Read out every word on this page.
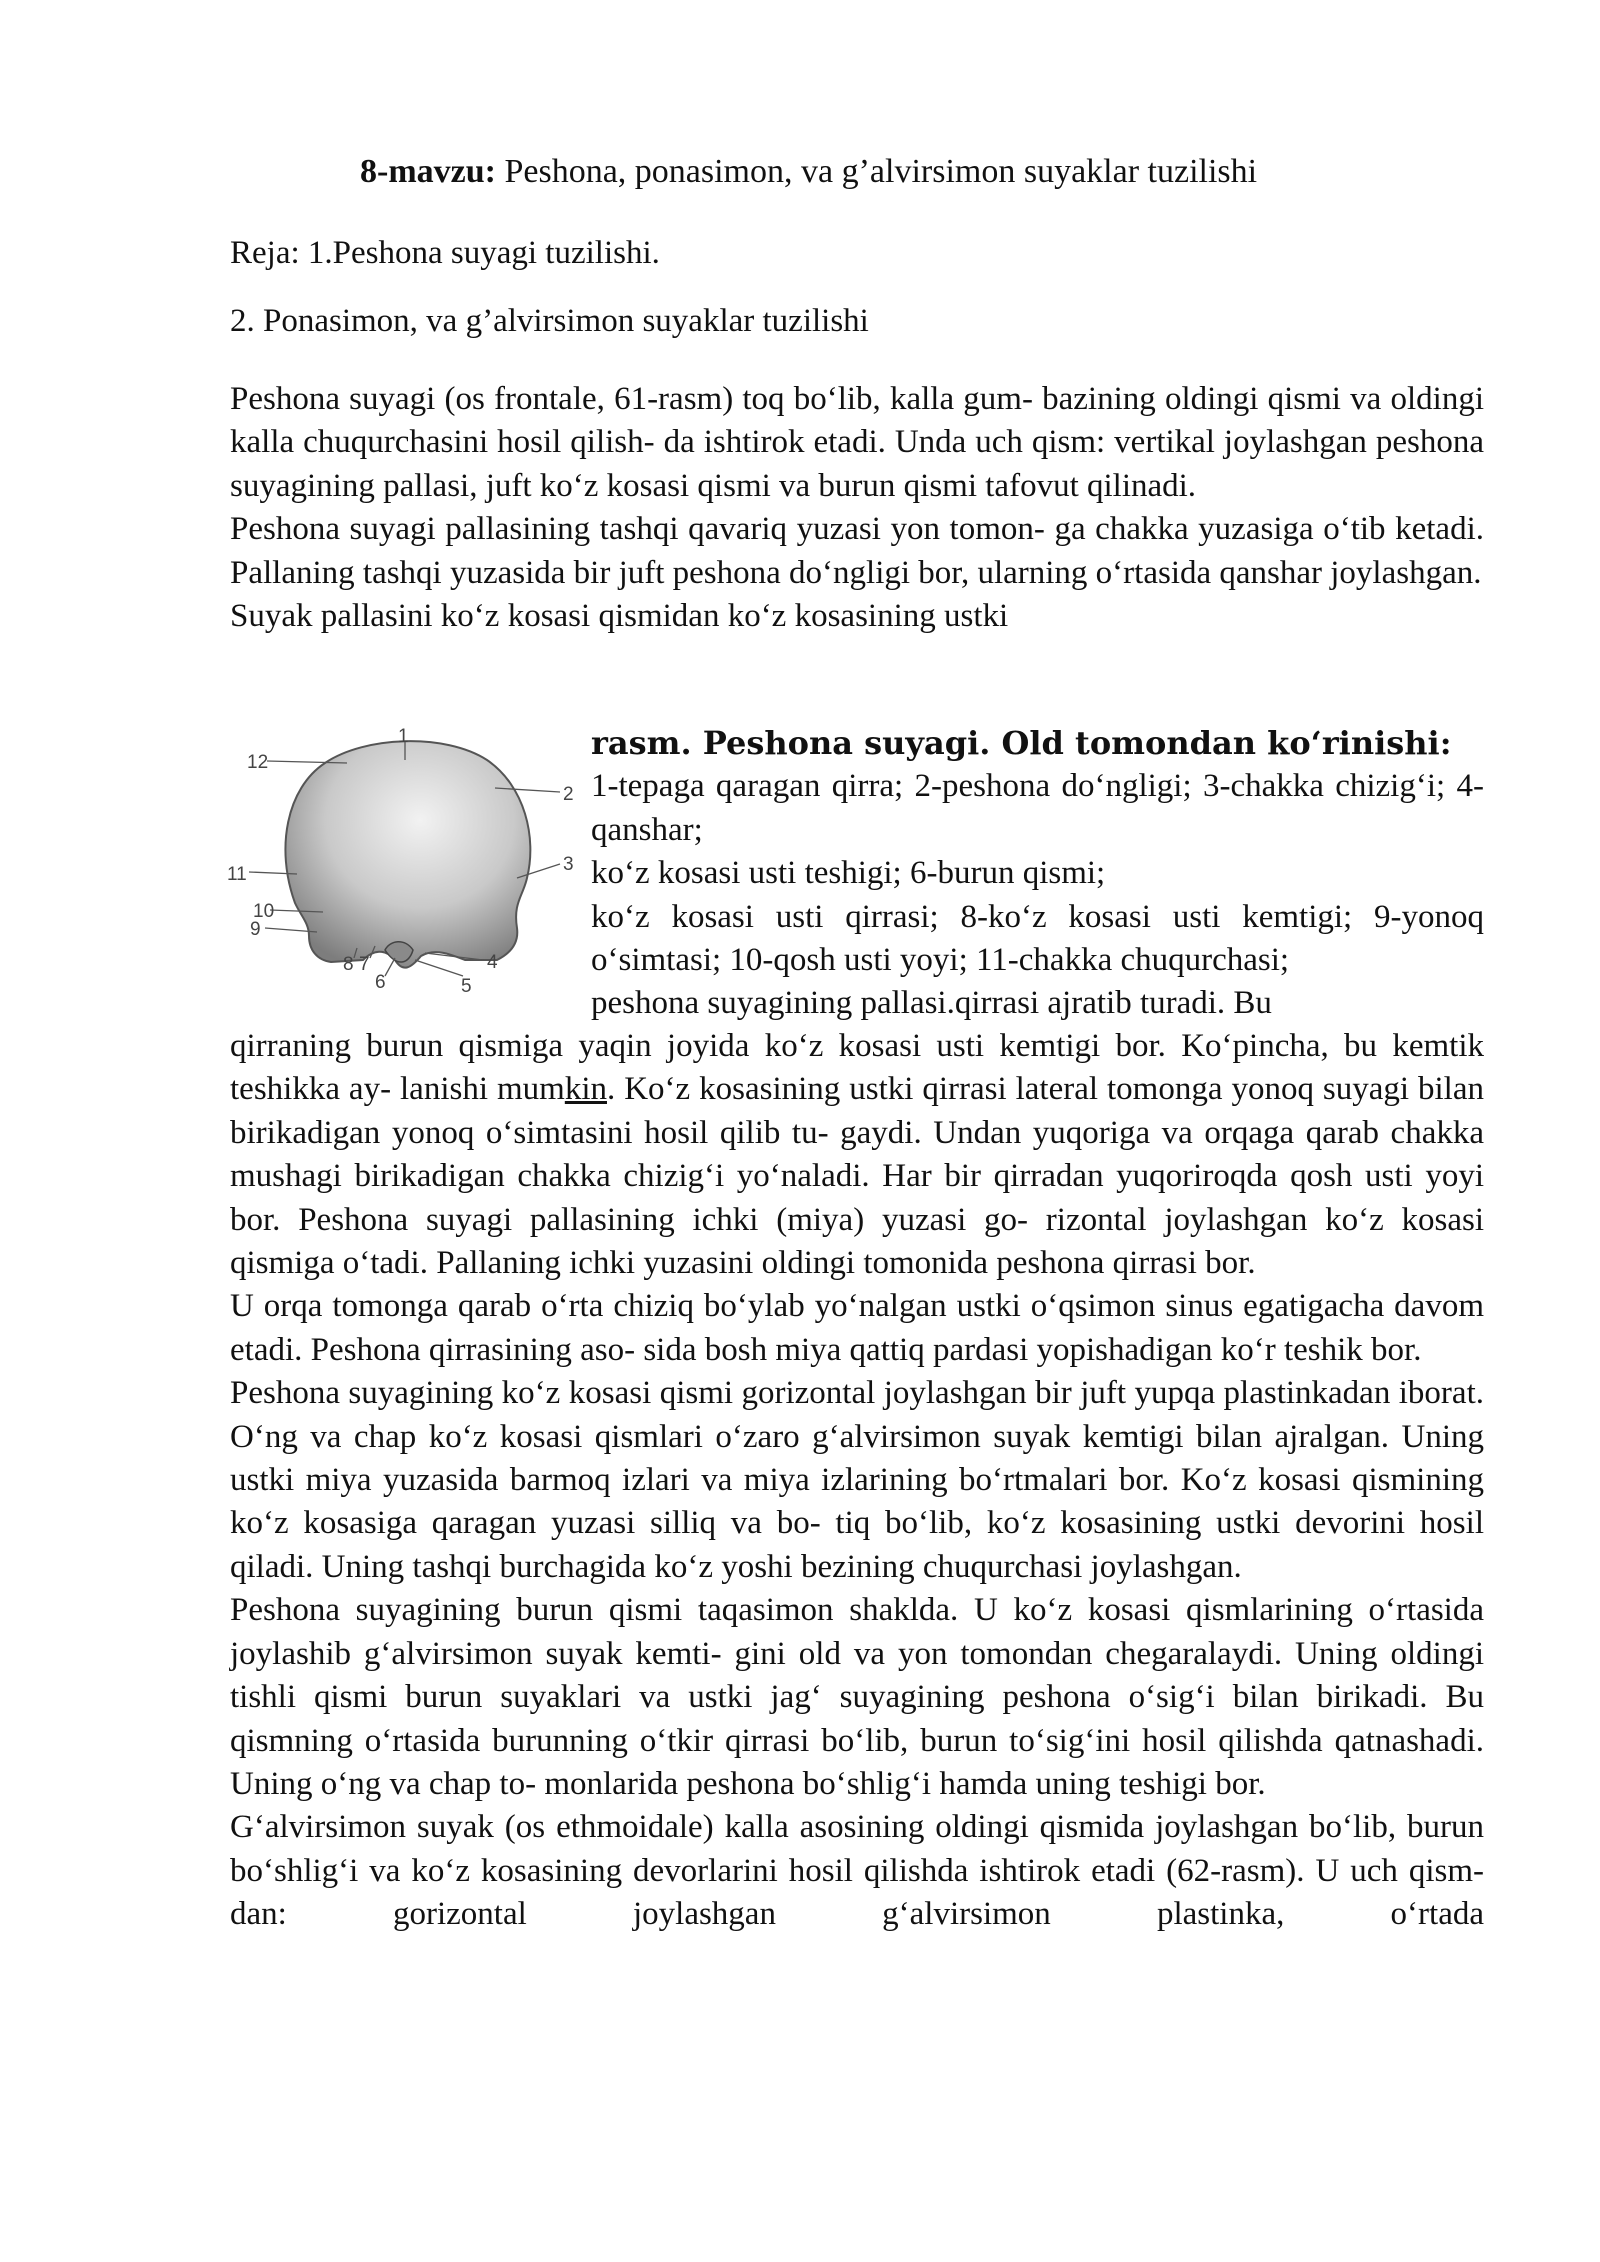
8-mavzu: Peshona, ponasimon, va g’alvirsimon suyaklar tuzilishi
Reja: 1.Peshona suyagi tuzilishi.
2. Ponasimon, va g’alvirsimon suyaklar tuzilishi

Peshona suyagi (os frontale, 61-rasm) toq bo‘lib, kalla gum- bazining oldingi qismi va oldingi kalla chuqurchasini hosil qilish- da ishtirok etadi. Unda uch qism: vertikal joylashgan peshona suyagining pallasi, juft ko‘z kosasi qismi va burun qismi tafovut qilinadi.

Peshona suyagi pallasining tashqi qavariq yuzasi yon tomon- ga chakka yuzasiga o‘tib ketadi. Pallaning tashqi yuzasida bir juft peshona do‘ngligi bor, ularning o‘rtasida qanshar joylashgan.

Suyak pallasini ko‘z kosasi qismidan ko‘z kosasining ustki

12
1
2
3
11
10
9
8 7
6	5
4

rasm. Peshona suyagi. Old tomondan ko‘rinishi:

1-tepaga qaragan qirra; 2-peshona do‘ngligi; 3-chakka chizig‘i; 4-qanshar;

ko‘z kosasi usti teshigi; 6-burun qismi;

ko‘z kosasi usti qirrasi; 8-ko‘z kosasi usti kemtigi; 9-yonoq o‘simtasi; 10-qosh usti yoyi; 11-chakka chuqurchasi;

peshona suyagining pallasi.qirrasi ajratib turadi. Bu

qirraning burun qismiga yaqin joyida ko‘z kosasi usti kemtigi bor. Ko‘pincha, bu kemtik teshikka ay- lanishi mumkin. Ko‘z kosasining ustki qirrasi lateral tomonga yonoq suyagi bilan birikadigan yonoq o‘simtasini hosil qilib tu- gaydi. Undan yuqoriga va orqaga qarab chakka mushagi birikadigan chakka chizig‘i yo‘naladi. Har bir qirradan yuqoriroqda qosh usti yoyi bor. Peshona suyagi pallasining ichki (miya) yuzasi go- rizontal joylashgan ko‘z kosasi qismiga o‘tadi. Pallaning ichki yuzasini oldingi tomonida peshona qirrasi bor.

U orqa tomonga qarab o‘rta chiziq bo‘ylab yo‘nalgan ustki o‘qsimon sinus egatigacha davom etadi. Peshona qirrasining aso- sida bosh miya qattiq pardasi yopishadigan ko‘r teshik bor.

Peshona suyagining ko‘z kosasi qismi gorizontal joylashgan bir juft yupqa plastinkadan iborat. O‘ng va chap ko‘z kosasi qismlari o‘zaro g‘alvirsimon suyak kemtigi bilan ajralgan. Uning ustki miya yuzasida barmoq izlari va miya izlarining bo‘rtmalari bor. Ko‘z kosasi qismining ko‘z kosasiga qaragan yuzasi silliq va bo- tiq bo‘lib, ko‘z kosasining ustki devorini hosil qiladi. Uning tashqi burchagida ko‘z yoshi bezining chuqurchasi joylashgan.

Peshona suyagining burun qismi taqasimon shaklda. U ko‘z kosasi qismlarining o‘rtasida joylashib g‘alvirsimon suyak kemti- gini old va yon tomondan chegaralaydi. Uning oldingi tishli qismi burun suyaklari va ustki jag‘ suyagining peshona o‘sig‘i bilan birikadi. Bu qismning o‘rtasida burunning o‘tkir qirrasi bo‘lib, burun to‘sig‘ini hosil qilishda qatnashadi. Uning o‘ng va chap to- monlarida peshona bo‘shlig‘i hamda uning teshigi bor.

G‘alvirsimon suyak (os ethmoidale) kalla asosining oldingi qismida joylashgan bo‘lib, burun bo‘shlig‘i va ko‘z kosasining devorlarini hosil qilishda ishtirok etadi (62-rasm). U uch qism- dan: gorizontal joylashgan g‘alvirsimon plastinka, o‘rtada
